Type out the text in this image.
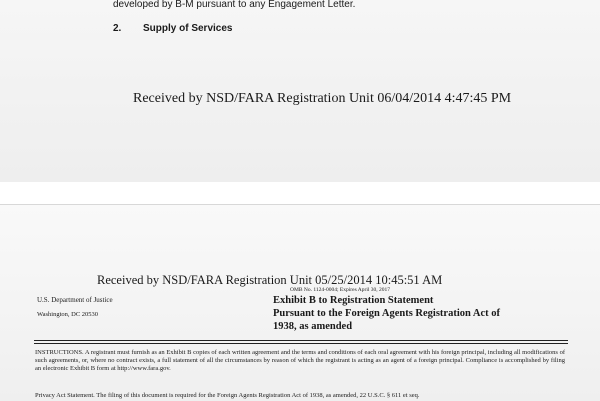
developed by B-M pursuant to any Engagement Letter.
2. Supply of Services
Received by NSD/FARA Registration Unit 06/04/2014 4:47:45 PM
Received by NSD/FARA Registration Unit 05/25/2014 10:45:51 AM
U.S. Department of Justice
Washington, DC 20530
OMB No. 1124-0004; Expires April 30, 2017
Exhibit B to Registration Statement
Pursuant to the Foreign Agents Registration Act of
1938, as amended
INSTRUCTIONS. A registrant must furnish as an Exhibit B copies of each written agreement and the terms and conditions of each oral agreement with his foreign principal, including all modifications of such agreements, or, where no contract exists, a full statement of all the circumstances by reason of which the registrant is acting as an agent of a foreign principal. Compliance is accomplished by filing an electronic Exhibit B form at http://www.fara.gov.
Privacy Act Statement. The filing of this document is required for the Foreign Agents Registration Act of 1938, as amended, 22 U.S.C. § 611 et seq.
